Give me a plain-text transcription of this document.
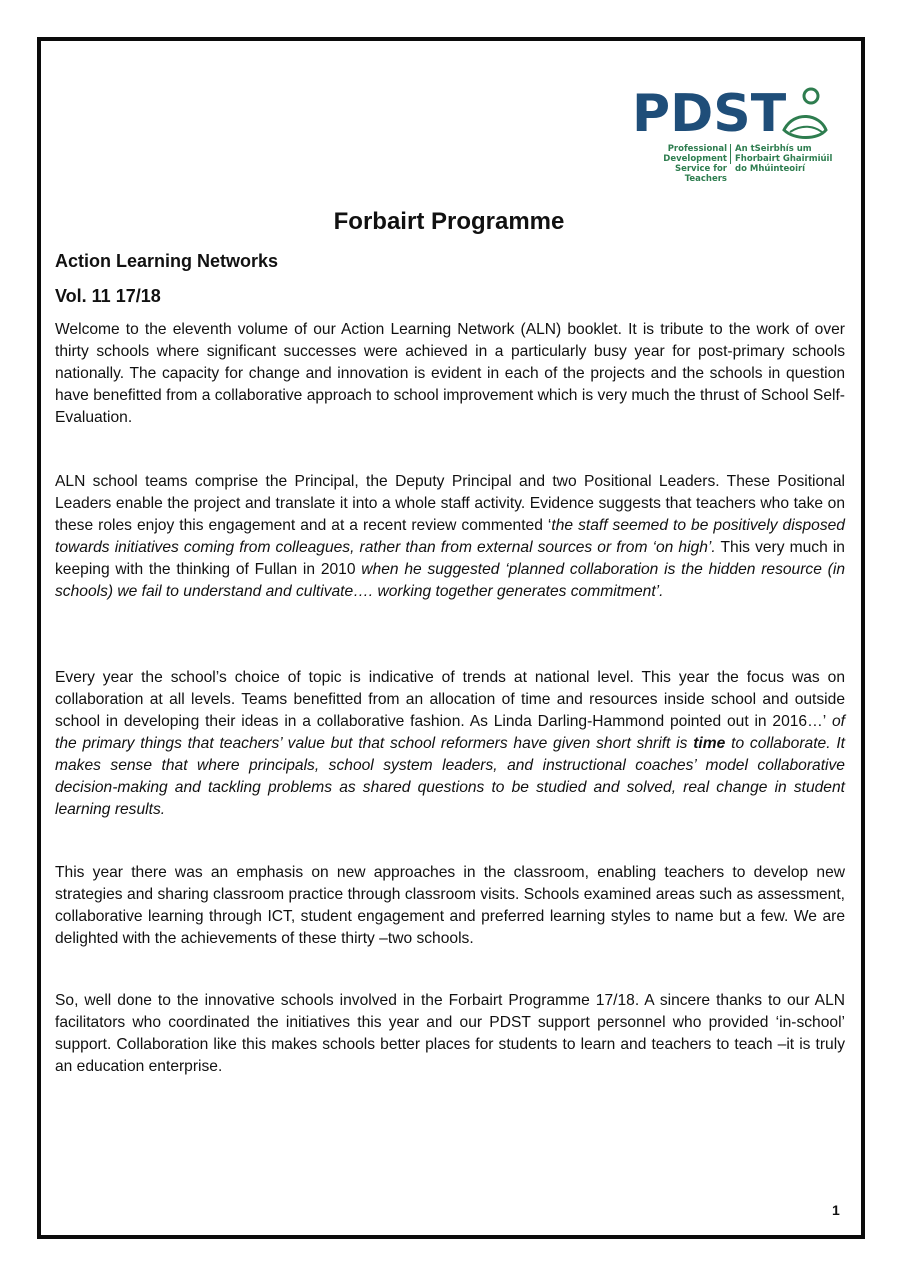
PDST
Professional Development Service for Teachers
An tSeirbhís um Fhorbairt Ghairmiúil do Mhúinteoirí
Forbairt Programme
Action Learning Networks
Vol. 11 17/18

Welcome to the eleventh volume of our Action Learning Network (ALN) booklet. It is tribute to the work of over thirty schools where significant successes were achieved in a particularly busy year for post-primary schools nationally. The capacity for change and innovation is evident in each of the projects and the schools in question have benefitted from a collaborative approach to school improvement which is very much the thrust of School Self-Evaluation.

ALN school teams comprise the Principal, the Deputy Principal and two Positional Leaders. These Positional Leaders enable the project and translate it into a whole staff activity. Evidence suggests that teachers who take on these roles enjoy this engagement and at a recent review commented ‘the staff seemed to be positively disposed towards initiatives coming from colleagues, rather than from external sources or from ‘on high’. This very much in keeping with the thinking of Fullan in 2010 when he suggested ‘planned collaboration is the hidden resource (in schools) we fail to understand and cultivate…. working together generates commitment’.

Every year the school’s choice of topic is indicative of trends at national level. This year the focus was on collaboration at all levels. Teams benefitted from an allocation of time and resources inside school and outside school in developing their ideas in a collaborative fashion. As Linda Darling-Hammond pointed out in 2016…’ of the primary things that teachers’ value but that school reformers have given short shrift is time to collaborate. It makes sense that where principals, school system leaders, and instructional coaches’ model collaborative decision-making and tackling problems as shared questions to be studied and solved, real change in student learning results.

This year there was an emphasis on new approaches in the classroom, enabling teachers to develop new strategies and sharing classroom practice through classroom visits. Schools examined areas such as assessment, collaborative learning through ICT, student engagement and preferred learning styles to name but a few. We are delighted with the achievements of these thirty –two schools.

So, well done to the innovative schools involved in the Forbairt Programme 17/18. A sincere thanks to our ALN facilitators who coordinated the initiatives this year and our PDST support personnel who provided ‘in-school’ support. Collaboration like this makes schools better places for students to learn and teachers to teach –it is truly an education enterprise.

1
